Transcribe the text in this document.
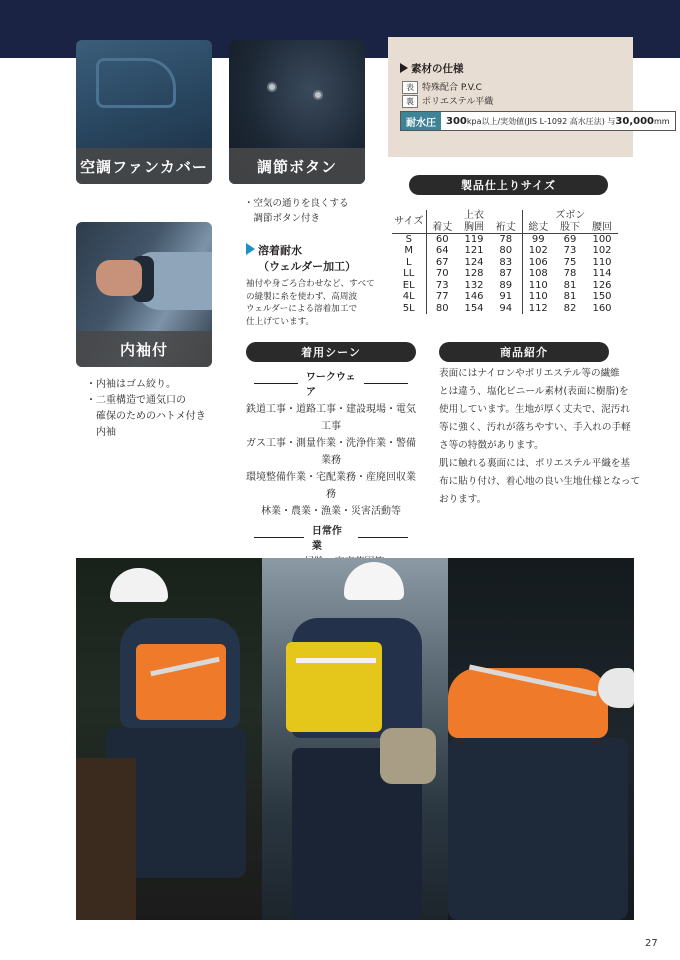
空調ファンカバー	調節ボタン
内袖付
・空気の通りを良くする
　調節ボタン付き
溶着耐水
（ウェルダー加工）
袖付や身ごろ合わせなど、すべて
の縫製に糸を使わず、高周波
ウェルダーによる溶着加工で
仕上げています。
・内袖はゴム絞り。
・二重構造で通気口の
　確保のためのハトメ付き
　内袖
素材の仕様
表 特殊配合 P.V.C
裏 ポリエステル平織
耐水圧	300kpa以上/実効値(JIS L-1092 高水圧法) 与30,000mm
製品仕上りサイズ
サイズ	上衣			ズボン		
	着丈	胸囲	裄丈	総丈	股下	腰回
S	60	119	78	99	69	100
M	64	121	80	102	73	102
L	67	124	83	106	75	110
LL	70	128	87	108	78	114
EL	73	132	89	110	81	126
4L	77	146	91	110	81	150
5L	80	154	94	112	82	160
着用シーン
ワークウェア
鉄道工事・道路工事・建設現場・電気工事
ガス工事・測量作業・洗浄作業・警備業務
環境整備作業・宅配業務・産廃回収業務
林業・農業・漁業・災害活動等
日常作業
商品紹介
表面にはナイロンやポリエステル等の繊維
とは違う、塩化ビニール素材(表面に樹脂)を
使用しています。生地が厚く丈夫で、泥汚れ
等に強く、汚れが落ちやすい、手入れの手軽
さ等の特徴があります。
肌に触れる裏面には、ポリエステル平織を基
布に貼り付け、着心地の良い生地仕様となって
おります。
27
